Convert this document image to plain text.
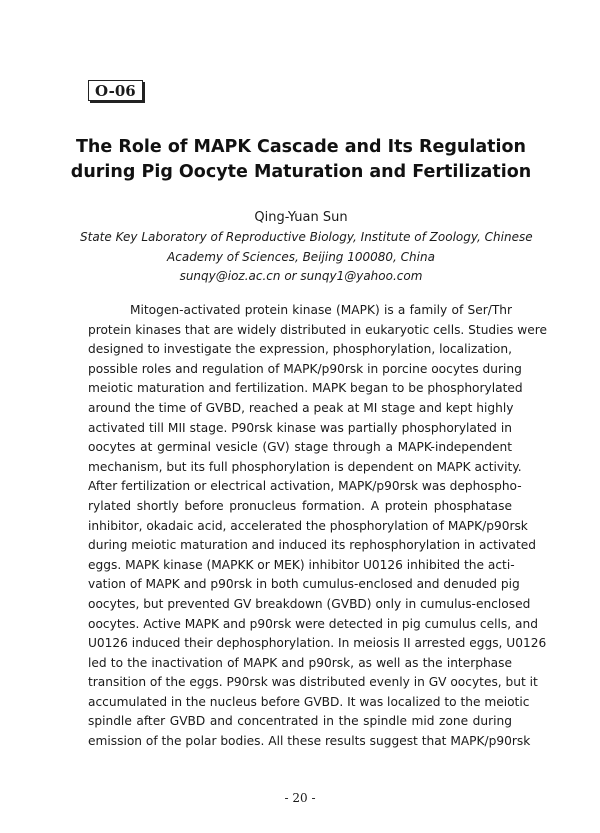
O-06
The Role of MAPK Cascade and Its Regulation
during Pig Oocyte Maturation and Fertilization
Qing-Yuan Sun
State Key Laboratory of Reproductive Biology, Institute of Zoology, Chinese
Academy of Sciences, Beijing 100080, China
sunqy@ioz.ac.cn or sunqy1@yahoo.com
Mitogen-activated protein kinase (MAPK) is a family of Ser/Thr
protein kinases that are widely distributed in eukaryotic cells. Studies were
designed to investigate the expression, phosphorylation, localization,
possible roles and regulation of MAPK/p90rsk in porcine oocytes during
meiotic maturation and fertilization. MAPK began to be phosphorylated
around the time of GVBD, reached a peak at MI stage and kept highly
activated till MII stage. P90rsk kinase was partially phosphorylated in
oocytes at germinal vesicle (GV) stage through a MAPK-independent
mechanism, but its full phosphorylation is dependent on MAPK activity.
After fertilization or electrical activation, MAPK/p90rsk was dephospho-
rylated shortly before pronucleus formation. A protein phosphatase
inhibitor, okadaic acid, accelerated the phosphorylation of MAPK/p90rsk
during meiotic maturation and induced its rephosphorylation in activated
eggs. MAPK kinase (MAPKK or MEK) inhibitor U0126 inhibited the acti-
vation of MAPK and p90rsk in both cumulus-enclosed and denuded pig
oocytes, but prevented GV breakdown (GVBD) only in cumulus-enclosed
oocytes. Active MAPK and p90rsk were detected in pig cumulus cells, and
U0126 induced their dephosphorylation. In meiosis II arrested eggs, U0126
led to the inactivation of MAPK and p90rsk, as well as the interphase
transition of the eggs. P90rsk was distributed evenly in GV oocytes, but it
accumulated in the nucleus before GVBD. It was localized to the meiotic
spindle after GVBD and concentrated in the spindle mid zone during
emission of the polar bodies. All these results suggest that MAPK/p90rsk
- 20 -
